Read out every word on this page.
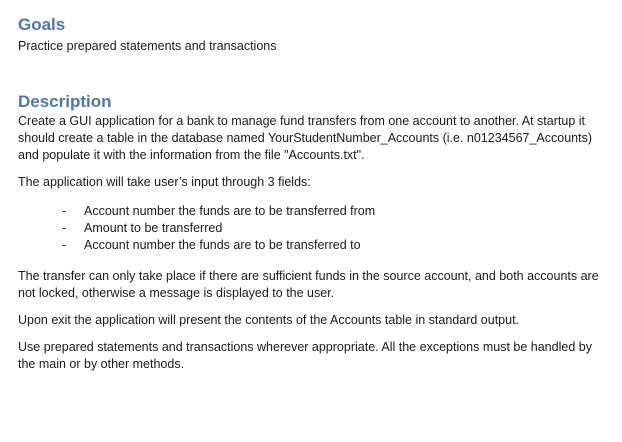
Goals

Practice prepared statements and transactions

Description

Create a GUI application for a bank to manage fund transfers from one account to another. At startup it should create a table in the database named YourStudentNumber_Accounts (i.e. n01234567_Accounts) and populate it with the information from the file "Accounts.txt".

The application will take user’s input through 3 fields:

- Account number the funds are to be transferred from
- Amount to be transferred
- Account number the funds are to be transferred to

The transfer can only take place if there are sufficient funds in the source account, and both accounts are not locked, otherwise a message is displayed to the user.

Upon exit the application will present the contents of the Accounts table in standard output.

Use prepared statements and transactions wherever appropriate. All the exceptions must be handled by the main or by other methods.
